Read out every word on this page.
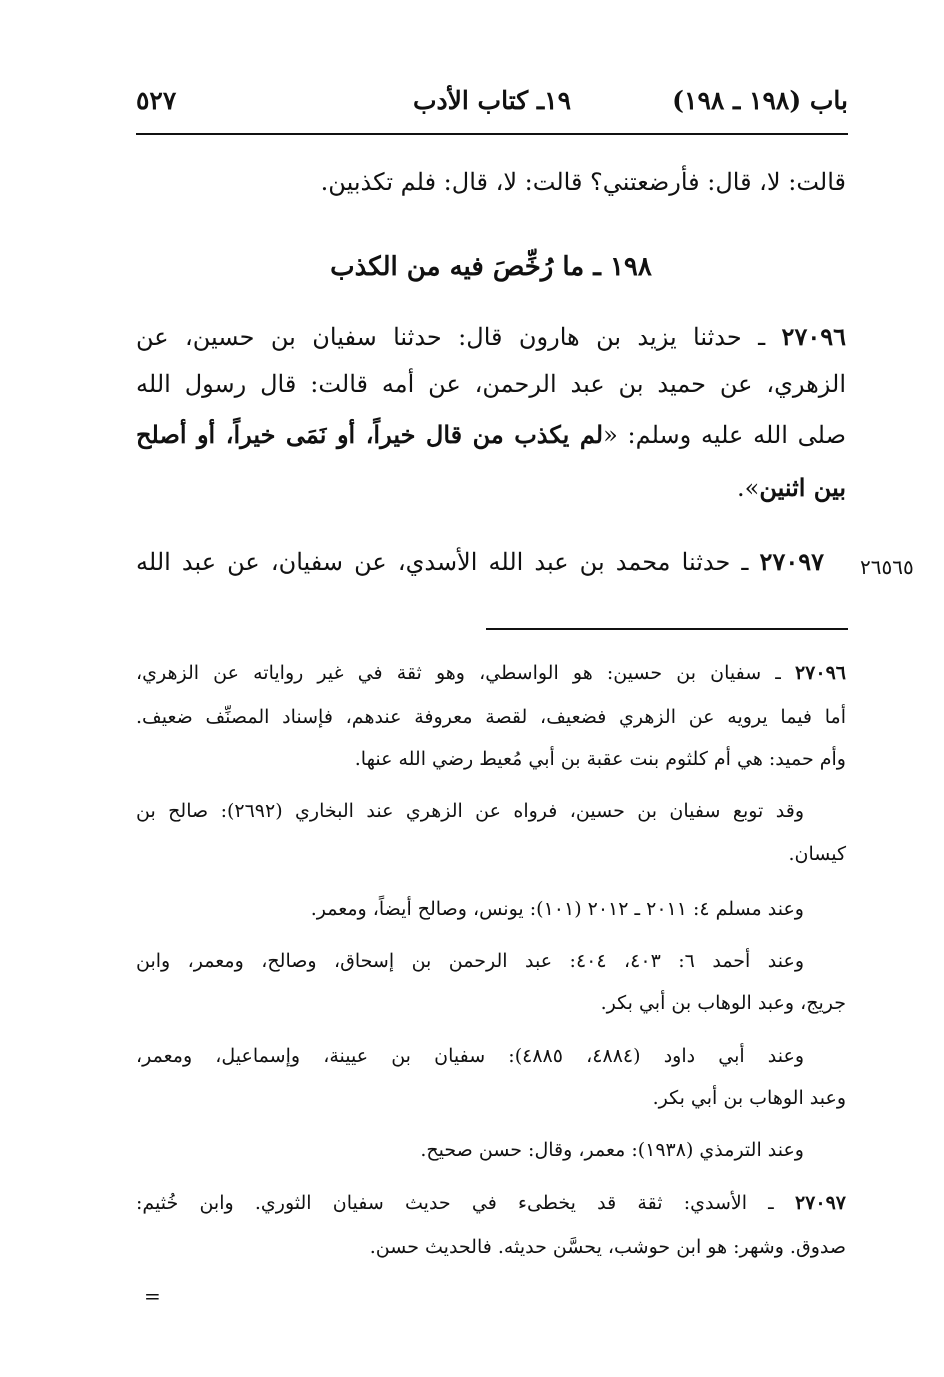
باب (١٩٨ ـ ١٩٨)
١٩ـ كتاب الأدب
٥٢٧
قالت: لا، قال: فأرضعتني؟ قالت: لا، قال: فلم تكذبين.
١٩٨ ـ ما رُخِّصَ فيه من الكذب
٢٧٠٩٦ ـ حدثنا يزيد بن هارون قال: حدثنا سفيان بن حسين، عن
الزهري، عن حميد بن عبد الرحمن، عن أمه قالت: قال رسول الله
صلى الله عليه وسلم: «لم يكذب من قال خيراً، أو نَمَى خيراً، أو أصلح
بين اثنين».
٢٧٠٩٧ ـ حدثنا محمد بن عبد الله الأسدي، عن سفيان، عن عبد الله	٢٦٥٦٥
٢٧٠٩٦ ـ سفيان بن حسين: هو الواسطي، وهو ثقة في غير رواياته عن الزهري،
أما فيما يرويه عن الزهري فضعيف، لقصة معروفة عندهم، فإسناد المصنِّف ضعيف.
وأم حميد: هي أم كلثوم بنت عقبة بن أبي مُعيط رضي الله عنها.
وقد توبع سفيان بن حسين، فرواه عن الزهري عند البخاري (٢٦٩٢): صالح بن
كيسان.
وعند مسلم ٤: ٢٠١١ ـ ٢٠١٢ (١٠١): يونس، وصالح أيضاً، ومعمر.
وعند أحمد ٦: ٤٠٣، ٤٠٤: عبد الرحمن بن إسحاق، وصالح، ومعمر، وابن
جريج، وعبد الوهاب بن أبي بكر.
وعند أبي داود (٤٨٨٤، ٤٨٨٥): سفيان بن عيينة، وإسماعيل، ومعمر،
وعبد الوهاب بن أبي بكر.
وعند الترمذي (١٩٣٨): معمر، وقال: حسن صحيح.
٢٧٠٩٧ ـ الأسدي: ثقة قد يخطىء في حديث سفيان الثوري. وابن خُثيم:
صدوق. وشهر: هو ابن حوشب، يحسَّن حديثه. فالحديث حسن.
=
